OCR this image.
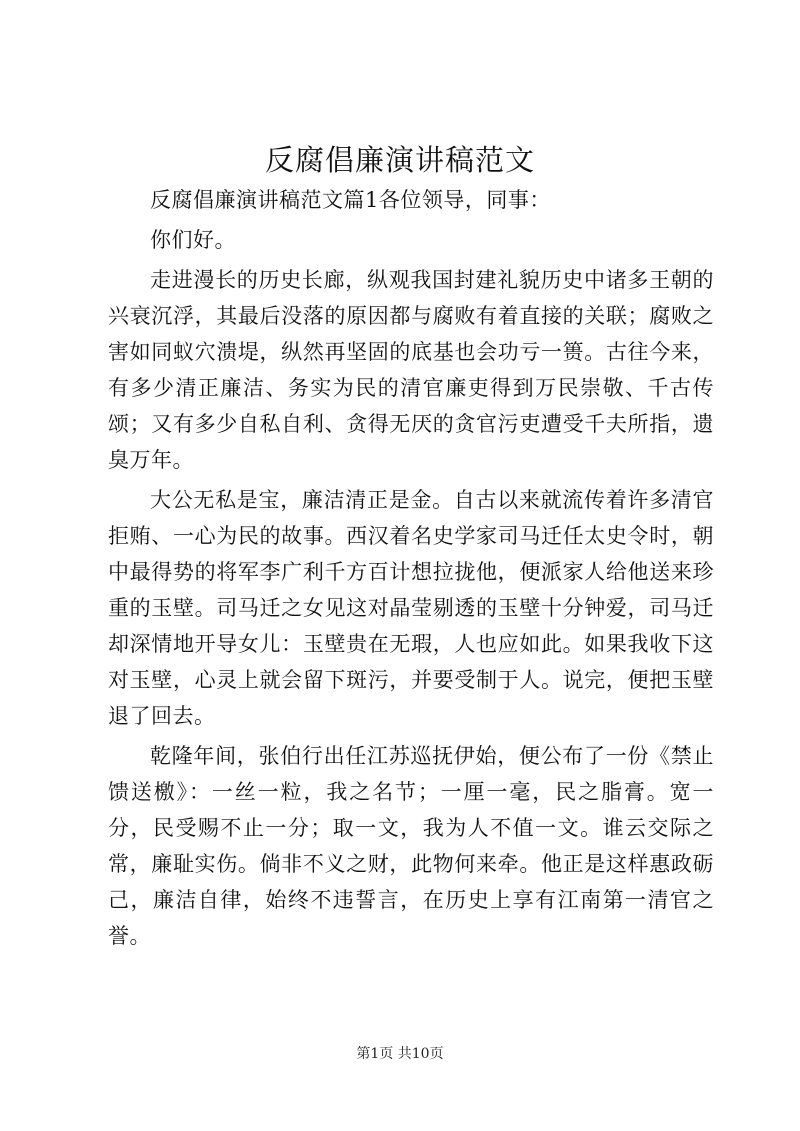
反腐倡廉演讲稿范文

反腐倡廉演讲稿范文篇1各位领导，同事：

你们好。

走进漫长的历史长廊，纵观我国封建礼貌历史中诸多王朝的兴衰沉浮，其最后没落的原因都与腐败有着直接的关联；腐败之害如同蚁穴溃堤，纵然再坚固的底基也会功亏一篑。古往今来，有多少清正廉洁、务实为民的清官廉吏得到万民崇敬、千古传颂；又有多少自私自利、贪得无厌的贪官污吏遭受千夫所指，遗臭万年。

大公无私是宝，廉洁清正是金。自古以来就流传着许多清官拒贿、一心为民的故事。西汉着名史学家司马迁任太史令时，朝中最得势的将军李广利千方百计想拉拢他，便派家人给他送来珍重的玉壁。司马迁之女见这对晶莹剔透的玉壁十分钟爱，司马迁却深情地开导女儿：玉壁贵在无瑕，人也应如此。如果我收下这对玉壁，心灵上就会留下斑污，并要受制于人。说完，便把玉壁退了回去。

乾隆年间，张伯行出任江苏巡抚伊始，便公布了一份《禁止馈送檄》：一丝一粒，我之名节；一厘一毫，民之脂膏。宽一分，民受赐不止一分；取一文，我为人不值一文。谁云交际之常，廉耻实伤。倘非不义之财，此物何来牵。他正是这样惠政砺己，廉洁自律，始终不违誓言，在历史上享有江南第一清官之誉。

第1页 共10页
